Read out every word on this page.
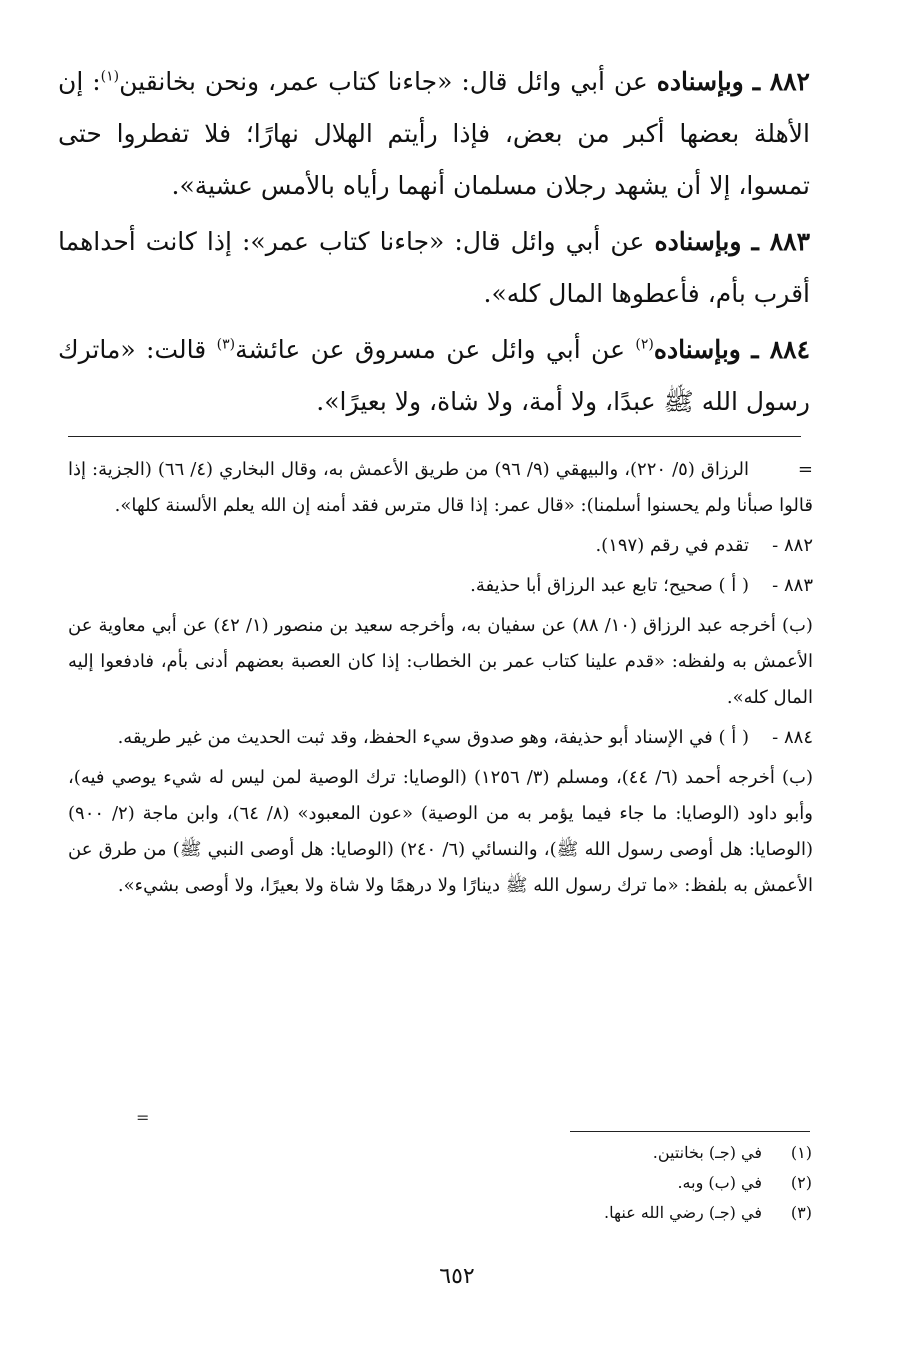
٨٨٢ ـ وبإسناده عن أبي وائل قال: «جاءنا كتاب عمر، ونحن بخانقين$^{(١)}$: إن الأهلة بعضها أكبر من بعض، فإذا رأيتم الهلال نهارًا؛ فلا تفطروا حتى تمسوا، إلا أن يشهد رجلان مسلمان أنهما رأياه بالأمس عشية».

٨٨٣ ـ وبإسناده عن أبي وائل قال: «جاءنا كتاب عمر»: إذا كانت أحداهما أقرب بأم، فأعطوها المال كله».

٨٨٤ ـ وبإسناده$^{(٢)}$ عن أبي وائل عن مسروق عن عائشة$^{(٣)}$ قالت: «ماترك رسول الله ﷺ عبدًا، ولا أمة، ولا شاة، ولا بعيرًا».

=الرزاق (٥/ ٢٢٠)، والبيهقي (٩/ ٩٦) من طريق الأعمش به، وقال البخاري (٤/ ٦٦) (الجزية: إذا قالوا صبأنا ولم يحسنوا أسلمنا): «قال عمر: إذا قال مترس فقد أمنه إن الله يعلم الألسنة كلها».
٨٨٢ -تقدم في رقم (١٩٧).
٨٨٣ -( أ ) صحيح؛ تابع عبد الرزاق أبا حذيفة.
(ب) أخرجه عبد الرزاق (١٠/ ٨٨) عن سفيان به، وأخرجه سعيد بن منصور (١/ ٤٢) عن أبي معاوية عن الأعمش به ولفظه: «قدم علينا كتاب عمر بن الخطاب: إذا كان العصبة بعضهم أدنى بأم، فادفعوا إليه المال كله».
٨٨٤ -( أ ) في الإسناد أبو حذيفة، وهو صدوق سيء الحفظ، وقد ثبت الحديث من غير طريقه.
(ب) أخرجه أحمد (٦/ ٤٤)، ومسلم (٣/ ١٢٥٦) (الوصايا: ترك الوصية لمن ليس له شيء يوصي فيه)، وأبو داود (الوصايا: ما جاء فيما يؤمر به من الوصية) «عون المعبود» (٨/ ٦٤)، وابن ماجة (٢/ ٩٠٠) (الوصايا: هل أوصى رسول الله ﷺ)، والنسائي (٦/ ٢٤٠) (الوصايا: هل أوصى النبي ﷺ) من طرق عن الأعمش به بلفظ: «ما ترك رسول الله ﷺ دينارًا ولا درهمًا ولا شاة ولا بعيرًا، ولا أوصى بشيء».
=
(١)في (جـ) بخانتين.
(٢)في (ب) وبه.
(٣)في (جـ) رضي الله عنها.
٦٥٢
